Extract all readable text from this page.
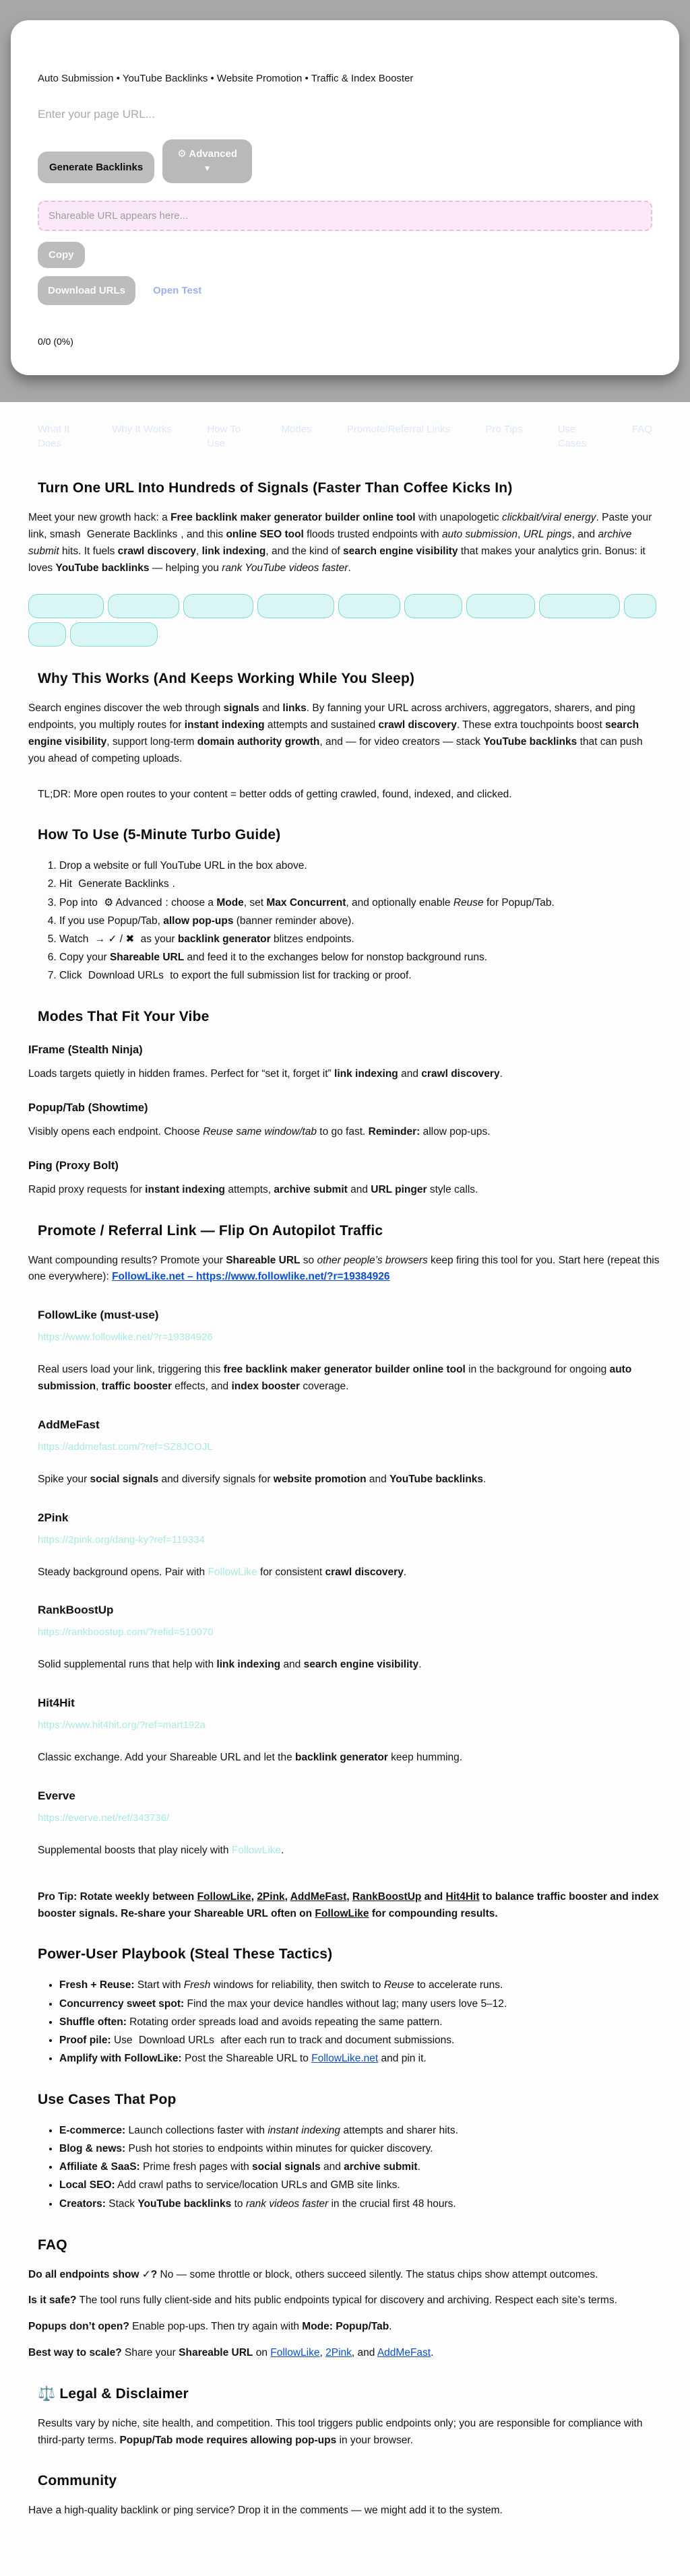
Auto Submission • YouTube Backlinks • Website Promotion • Traffic & Index Booster
Enter your page URL...
Generate Backlinks
⚙ Advanced
▼
Shareable URL appears here...
Copy
Download URLs	Open Test
0/0 (0%)
What It Does
Why It Works	How To Use
Modes	Promote/Referral Links	Pro Tips	Use Cases
FAQ
Turn One URL Into Hundreds of Signals (Faster Than Coffee Kicks In)

Meet your new growth hack: a Free backlink maker generator builder online tool with unapologetic clickbait/viral energy. Paste your link, smash Generate Backlinks , and this online SEO tool floods trusted endpoints with auto submission, URL pings, and archive submit hits. It fuels crawl discovery, link indexing, and the kind of search engine visibility that makes your analytics grin. Bonus: it loves YouTube backlinks — helping you rank YouTube videos faster.

Why This Works (And Keeps Working While You Sleep)

Search engines discover the web through signals and links. By fanning your URL across archivers, aggregators, sharers, and ping endpoints, you multiply routes for instant indexing attempts and sustained crawl discovery. These extra touchpoints boost search engine visibility, support long-term domain authority growth, and — for video creators — stack YouTube backlinks that can push you ahead of competing uploads.

TL;DR: More open routes to your content = better odds of getting crawled, found, indexed, and clicked.

How To Use (5-Minute Turbo Guide)
1. Drop a website or full YouTube URL in the box above.
2. Hit Generate Backlinks .
3. Pop into ⚙ Advanced : choose a Mode, set Max Concurrent, and optionally enable Reuse for Popup/Tab.
4. If you use Popup/Tab, allow pop-ups (banner reminder above).
5. Watch → ✓ / ✖ as your backlink generator blitzes endpoints.
6. Copy your Shareable URL and feed it to the exchanges below for nonstop background runs.
7. Click Download URLs to export the full submission list for tracking or proof.
Modes That Fit Your Vibe
IFrame (Stealth Ninja)

Loads targets quietly in hidden frames. Perfect for “set it, forget it” link indexing and crawl discovery.

Popup/Tab (Showtime)

Visibly opens each endpoint. Choose Reuse same window/tab to go fast. Reminder: allow pop-ups.

Ping (Proxy Bolt)

Rapid proxy requests for instant indexing attempts, archive submit and URL pinger style calls.

Promote / Referral Link — Flip On Autopilot Traffic

Want compounding results? Promote your Shareable URL so other people’s browsers keep firing this tool for you. Start here (repeat this one everywhere): FollowLike.net – https://www.followlike.net/?r=19384926

FollowLike (must-use)
https://www.followlike.net/?r=19384926

Real users load your link, triggering this free backlink maker generator builder online tool in the background for ongoing auto submission, traffic booster effects, and index booster coverage.

AddMeFast
https://addmefast.com/?ref=SZ8JCOJL

Spike your social signals and diversify signals for website promotion and YouTube backlinks.

2Pink
https://2pink.org/dang-ky?ref=119334

Steady background opens. Pair with FollowLike for consistent crawl discovery.

RankBoostUp
https://rankboostup.com/?refid=510070

Solid supplemental runs that help with link indexing and search engine visibility.

Hit4Hit
https://www.hit4hit.org/?ref=mart192a

Classic exchange. Add your Shareable URL and let the backlink generator keep humming.

Everve
https://everve.net/ref/343736/

Supplemental boosts that play nicely with FollowLike.

Pro Tip: Rotate weekly between FollowLike, 2Pink, AddMeFast, RankBoostUp and Hit4Hit to balance traffic booster and index booster signals. Re-share your Shareable URL often on FollowLike for compounding results.

Power-User Playbook (Steal These Tactics)
• Fresh + Reuse: Start with Fresh windows for reliability, then switch to Reuse to accelerate runs.
• Concurrency sweet spot: Find the max your device handles without lag; many users love 5–12.
• Shuffle often: Rotating order spreads load and avoids repeating the same pattern.
• Proof pile: Use Download URLs after each run to track and document submissions.
• Amplify with FollowLike: Post the Shareable URL to FollowLike.net and pin it.
Use Cases That Pop
• E-commerce: Launch collections faster with instant indexing attempts and sharer hits.
• Blog & news: Push hot stories to endpoints within minutes for quicker discovery.
• Affiliate & SaaS: Prime fresh pages with social signals and archive submit.
• Local SEO: Add crawl paths to service/location URLs and GMB site links.
• Creators: Stack YouTube backlinks to rank videos faster in the crucial first 48 hours.
FAQ

Do all endpoints show ✓? No — some throttle or block, others succeed silently. The status chips show attempt outcomes.

Is it safe? The tool runs fully client-side and hits public endpoints typical for discovery and archiving. Respect each site’s terms.

Popups don’t open? Enable pop-ups. Then try again with Mode: Popup/Tab.

Best way to scale? Share your Shareable URL on FollowLike, 2Pink, and AddMeFast.

⚖️ Legal & Disclaimer

Results vary by niche, site health, and competition. This tool triggers public endpoints only; you are responsible for compliance with third-party terms. Popup/Tab mode requires allowing pop-ups in your browser.

Community

Have a high-quality backlink or ping service? Drop it in the comments — we might add it to the system.
